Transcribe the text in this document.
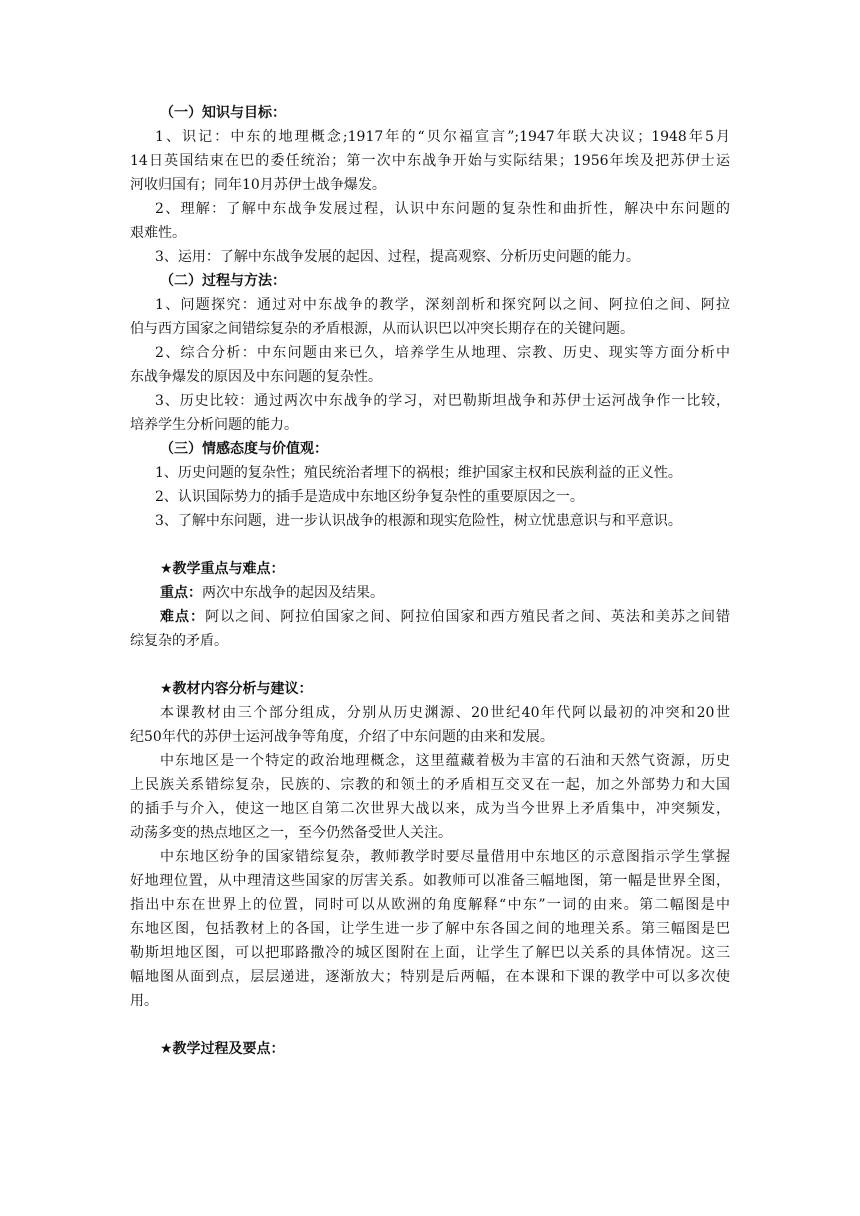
（一）知识与目标：
1、识记：中东的地理概念;1917年的“贝尔福宣言”;1947年联大决议；1948年5月
14日英国结束在巴的委任统治；第一次中东战争开始与实际结果；1956年埃及把苏伊士运
河收归国有；同年10月苏伊士战争爆发。
2、理解：了解中东战争发展过程，认识中东问题的复杂性和曲折性，解决中东问题的
艰难性。
3、运用：了解中东战争发展的起因、过程，提高观察、分析历史问题的能力。
（二）过程与方法：
1、问题探究：通过对中东战争的教学，深刻剖析和探究阿以之间、阿拉伯之间、阿拉
伯与西方国家之间错综复杂的矛盾根源，从而认识巴以冲突长期存在的关键问题。
2、综合分析：中东问题由来已久，培养学生从地理、宗教、历史、现实等方面分析中
东战争爆发的原因及中东问题的复杂性。
3、历史比较：通过两次中东战争的学习，对巴勒斯坦战争和苏伊士运河战争作一比较，
培养学生分析问题的能力。
（三）情感态度与价值观：
1、历史问题的复杂性；殖民统治者埋下的祸根；维护国家主权和民族利益的正义性。
2、认识国际势力的插手是造成中东地区纷争复杂性的重要原因之一。
3、了解中东问题，进一步认识战争的根源和现实危险性，树立忧患意识与和平意识。
★教学重点与难点：
重点：两次中东战争的起因及结果。
难点：阿以之间、阿拉伯国家之间、阿拉伯国家和西方殖民者之间、英法和美苏之间错
综复杂的矛盾。
★教材内容分析与建议：
本课教材由三个部分组成，分别从历史渊源、20世纪40年代阿以最初的冲突和20世
纪50年代的苏伊士运河战争等角度，介绍了中东问题的由来和发展。
中东地区是一个特定的政治地理概念，这里蕴藏着极为丰富的石油和天然气资源，历史
上民族关系错综复杂，民族的、宗教的和领土的矛盾相互交叉在一起，加之外部势力和大国
的插手与介入，使这一地区自第二次世界大战以来，成为当今世界上矛盾集中，冲突频发，
动荡多变的热点地区之一，至今仍然备受世人关注。
中东地区纷争的国家错综复杂，教师教学时要尽量借用中东地区的示意图指示学生掌握
好地理位置，从中理清这些国家的厉害关系。如教师可以准备三幅地图，第一幅是世界全图，
指出中东在世界上的位置，同时可以从欧洲的角度解释“中东”一词的由来。第二幅图是中
东地区图，包括教材上的各国，让学生进一步了解中东各国之间的地理关系。第三幅图是巴
勒斯坦地区图，可以把耶路撒冷的城区图附在上面，让学生了解巴以关系的具体情况。这三
幅地图从面到点，层层递进，逐渐放大；特别是后两幅，在本课和下课的教学中可以多次使
用。
★教学过程及要点：
